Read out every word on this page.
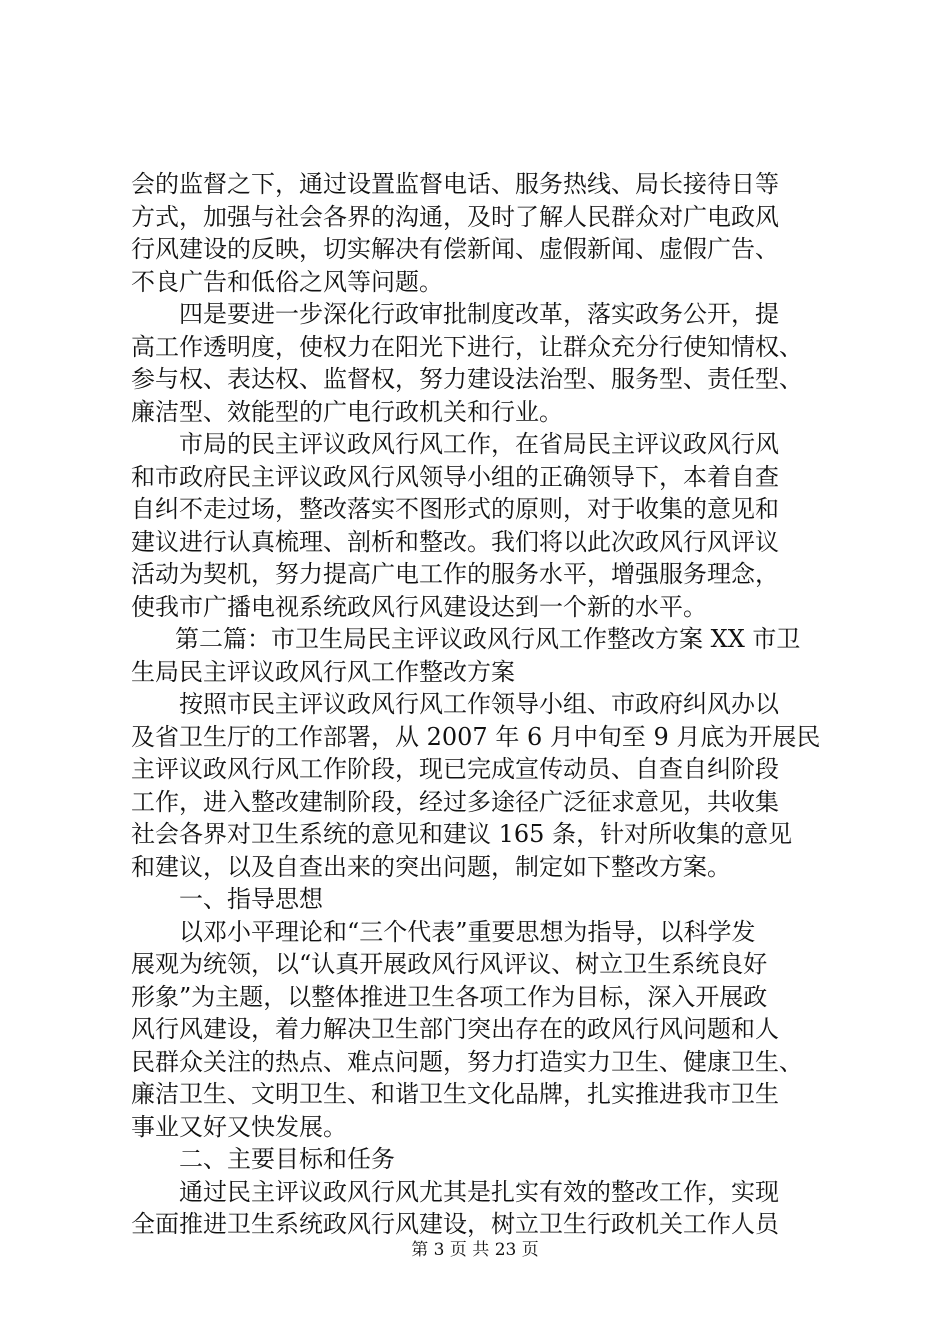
会的监督之下，通过设置监督电话、服务热线、局长接待日等
方式，加强与社会各界的沟通，及时了解人民群众对广电政风
行风建设的反映，切实解决有偿新闻、虚假新闻、虚假广告、
不良广告和低俗之风等问题。
四是要进一步深化行政审批制度改革，落实政务公开，提
高工作透明度，使权力在阳光下进行，让群众充分行使知情权、
参与权、表达权、监督权，努力建设法治型、服务型、责任型、
廉洁型、效能型的广电行政机关和行业。
市局的民主评议政风行风工作，在省局民主评议政风行风
和市政府民主评议政风行风领导小组的正确领导下，本着自查
自纠不走过场，整改落实不图形式的原则，对于收集的意见和
建议进行认真梳理、剖析和整改。我们将以此次政风行风评议
活动为契机，努力提高广电工作的服务水平，增强服务理念，
使我市广播电视系统政风行风建设达到一个新的水平。
第二篇：市卫生局民主评议政风行风工作整改方案 XX 市卫
生局民主评议政风行风工作整改方案
按照市民主评议政风行风工作领导小组、市政府纠风办以
及省卫生厅的工作部署，从 2007 年 6 月中旬至 9 月底为开展民
主评议政风行风工作阶段，现已完成宣传动员、自查自纠阶段
工作，进入整改建制阶段，经过多途径广泛征求意见，共收集
社会各界对卫生系统的意见和建议 165 条，针对所收集的意见
和建议，以及自查出来的突出问题，制定如下整改方案。
一、指导思想
以邓小平理论和“三个代表”重要思想为指导，以科学发
展观为统领，以“认真开展政风行风评议、树立卫生系统良好
形象”为主题，以整体推进卫生各项工作为目标，深入开展政
风行风建设，着力解决卫生部门突出存在的政风行风问题和人
民群众关注的热点、难点问题，努力打造实力卫生、健康卫生、
廉洁卫生、文明卫生、和谐卫生文化品牌，扎实推进我市卫生
事业又好又快发展。
二、主要目标和任务
通过民主评议政风行风尤其是扎实有效的整改工作，实现
全面推进卫生系统政风行风建设，树立卫生行政机关工作人员
第 3 页 共 23 页
